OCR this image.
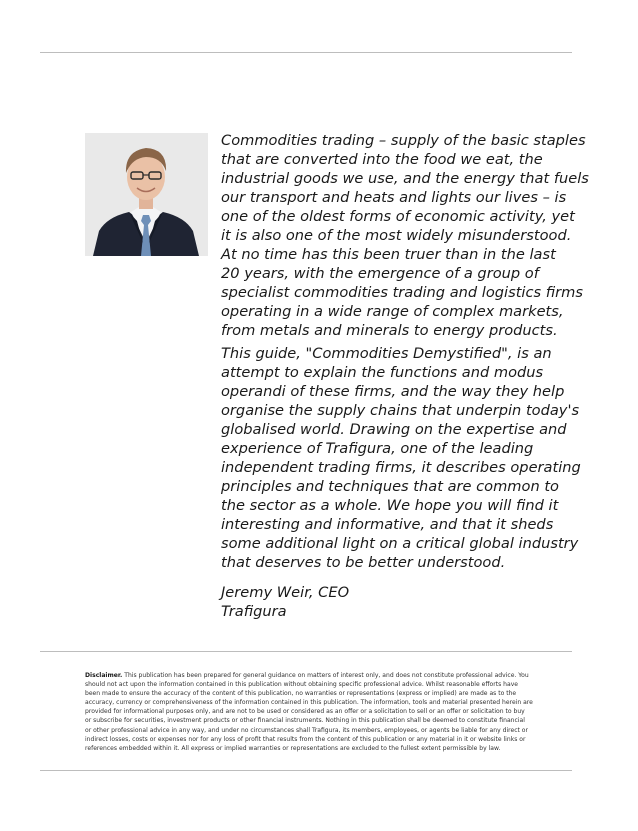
Commodities trading – supply of the basic staples
that are converted into the food we eat, the
industrial goods we use, and the energy that fuels
our transport and heats and lights our lives – is
one of the oldest forms of economic activity, yet
it is also one of the most widely misunderstood.
At no time has this been truer than in the last
20 years, with the emergence of a group of
specialist commodities trading and logistics firms
operating in a wide range of complex markets,
from metals and minerals to energy products.

This guide, "Commodities Demystified", is an
attempt to explain the functions and modus
operandi of these firms, and the way they help
organise the supply chains that underpin today's
globalised world. Drawing on the expertise and
experience of Trafigura, one of the leading
independent trading firms, it describes operating
principles and techniques that are common to
the sector as a whole. We hope you will find it
interesting and informative, and that it sheds
some additional light on a critical global industry
that deserves to be better understood.

Jeremy Weir, CEO
Trafigura
Disclaimer. This publication has been prepared for general guidance on matters of interest only, and does not constitute professional advice. You
should not act upon the information contained in this publication without obtaining specific professional advice. Whilst reasonable efforts have
been made to ensure the accuracy of the content of this publication, no warranties or representations (express or implied) are made as to the
accuracy, currency or comprehensiveness of the information contained in this publication. The information, tools and material presented herein are
provided for informational purposes only, and are not to be used or considered as an offer or a solicitation to sell or an offer or solicitation to buy
or subscribe for securities, investment products or other financial instruments. Nothing in this publication shall be deemed to constitute financial
or other professional advice in any way, and under no circumstances shall Trafigura, its members, employees, or agents be liable for any direct or
indirect losses, costs or expenses nor for any loss of profit that results from the content of this publication or any material in it or website links or
references embedded within it. All express or implied warranties or representations are excluded to the fullest extent permissible by law.
